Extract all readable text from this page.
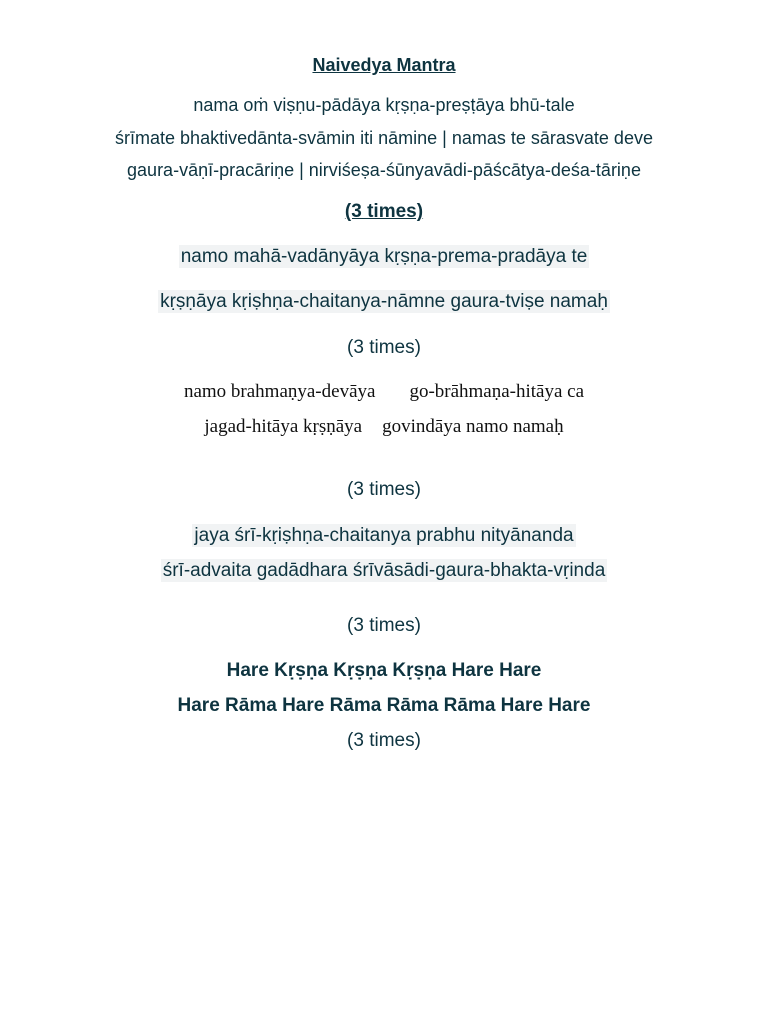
Naivedya Mantra
nama oṁ viṣṇu-pādāya kṛṣṇa-preṣṭāya bhū-tale
śrīmate bhaktivedānta-svāmin iti nāmine | namas te sārasvate deve
gaura-vāṇī-pracāriṇe | nirviśeṣa-śūnyavādi-pāścātya-deśa-tāriṇe
(3 times)
namo mahā-vadānyāya kṛṣṇa-prema-pradāya te
kṛṣṇāya kṛiṣhṇa-chaitanya-nāmne gaura-tviṣe namaḥ
(3 times)
namo brahmaṇya-devāya go-brāhmaṇa-hitāya ca
jagad-hitāya kṛṣṇāya govindāya namo namaḥ
(3 times)
jaya śrī-kṛiṣhṇa-chaitanya prabhu nityānanda
śrī-advaita gadādhara śrīvāsādi-gaura-bhakta-vṛinda
(3 times)
Hare Kṛṣṇa Kṛṣṇa Kṛṣṇa Hare Hare
Hare Rāma Hare Rāma Rāma Rāma Hare Hare
(3 times)
